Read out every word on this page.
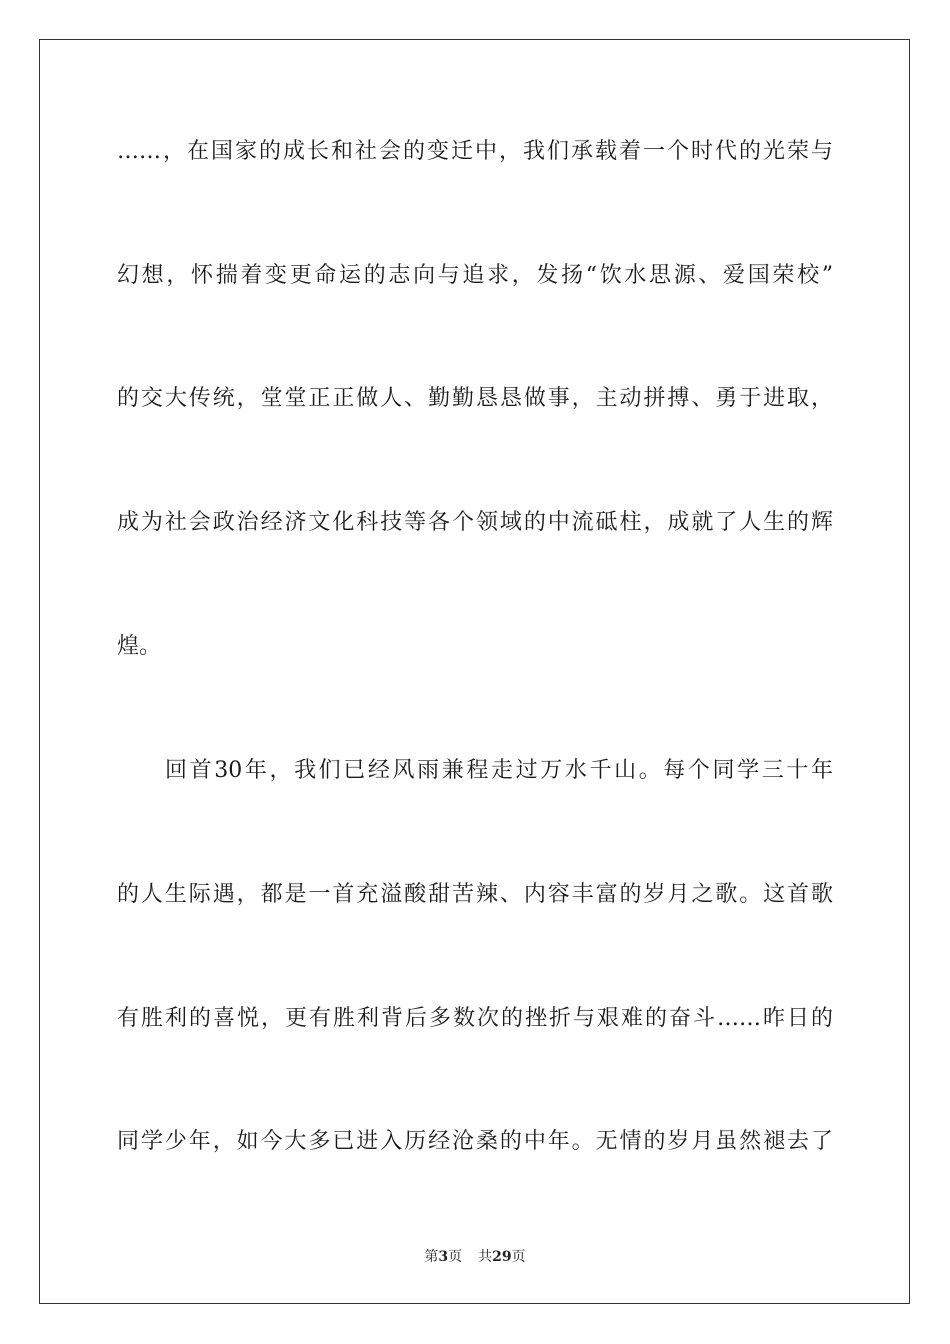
……，在国家的成长和社会的变迁中，我们承载着一个时代的光荣与
幻想，怀揣着变更命运的志向与追求，发扬“饮水思源、爱国荣校”
的交大传统，堂堂正正做人、勤勤恳恳做事，主动拼搏、勇于进取，
成为社会政治经济文化科技等各个领域的中流砥柱，成就了人生的辉
煌。
回首30年，我们已经风雨兼程走过万水千山。每个同学三十年
的人生际遇，都是一首充溢酸甜苦辣、内容丰富的岁月之歌。这首歌
有胜利的喜悦，更有胜利背后多数次的挫折与艰难的奋斗……昨日的
同学少年，如今大多已进入历经沧桑的中年。无情的岁月虽然褪去了
第3页 共29页
